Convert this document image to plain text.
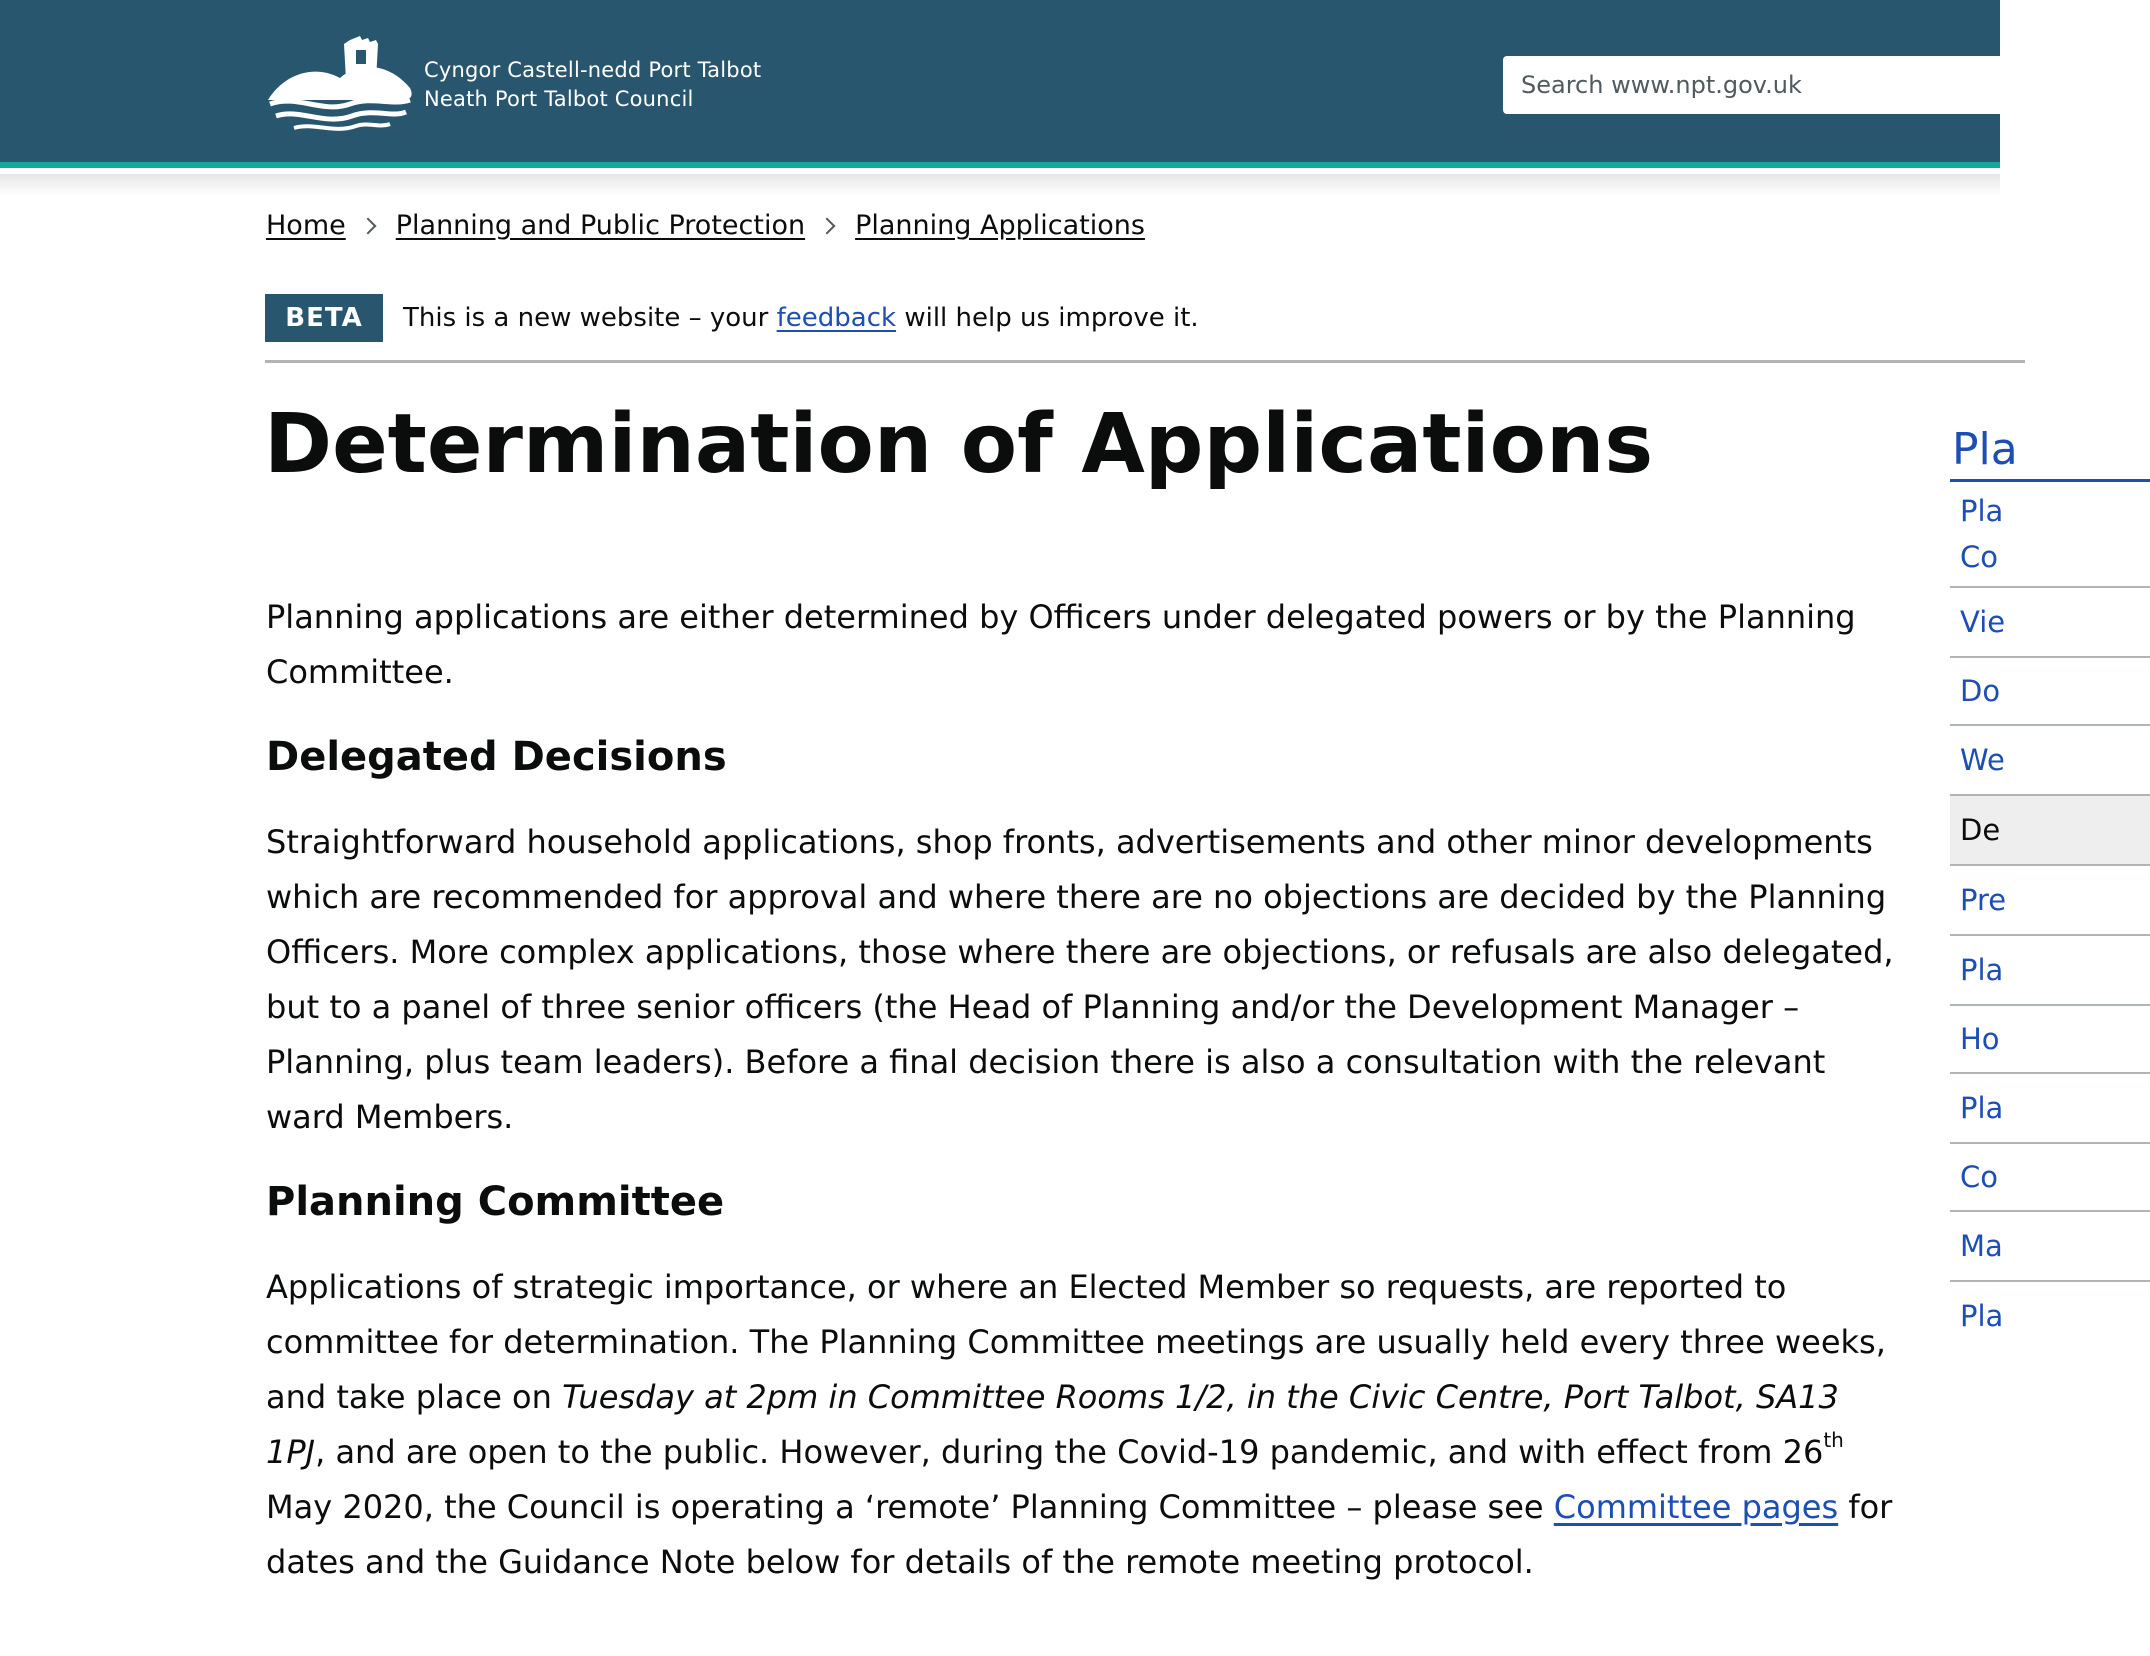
Cyngor Castell-nedd Port Talbot
Neath Port Talbot Council
Search www.npt.gov.uk
Home Planning and Public Protection Planning Applications
BETA	This is a new website – your feedback will help us improve it.
Determination of Applications

Planning applications are either determined by Officers under delegated powers or by the Planning Committee.

Delegated Decisions

Straightforward household applications, shop fronts, advertisements and other minor developments which are recommended for approval and where there are no objections are decided by the Planning Officers. More complex applications, those where there are objections, or refusals are also delegated, but to a panel of three senior officers (the Head of Planning and/or the Development Manager – Planning, plus team leaders). Before a final decision there is also a consultation with the relevant ward Members.

Planning Committee

Applications of strategic importance, or where an Elected Member so requests, are reported to committee for determination. The Planning Committee meetings are usually held every three weeks, and take place on Tuesday at 2pm in Committee Rooms 1/2, in the Civic Centre, Port Talbot, SA13 1PJ, and are open to the public. However, during the Covid-19 pandemic, and with effect from 26th May 2020, the Council is operating a ‘remote’ Planning Committee – please see Committee pages for dates and the Guidance Note below for details of the remote meeting protocol.

Pla
Pla
Co
Vie
Do
We
De
Pre
Pla
Ho
Pla
Co
Ma
Pla
